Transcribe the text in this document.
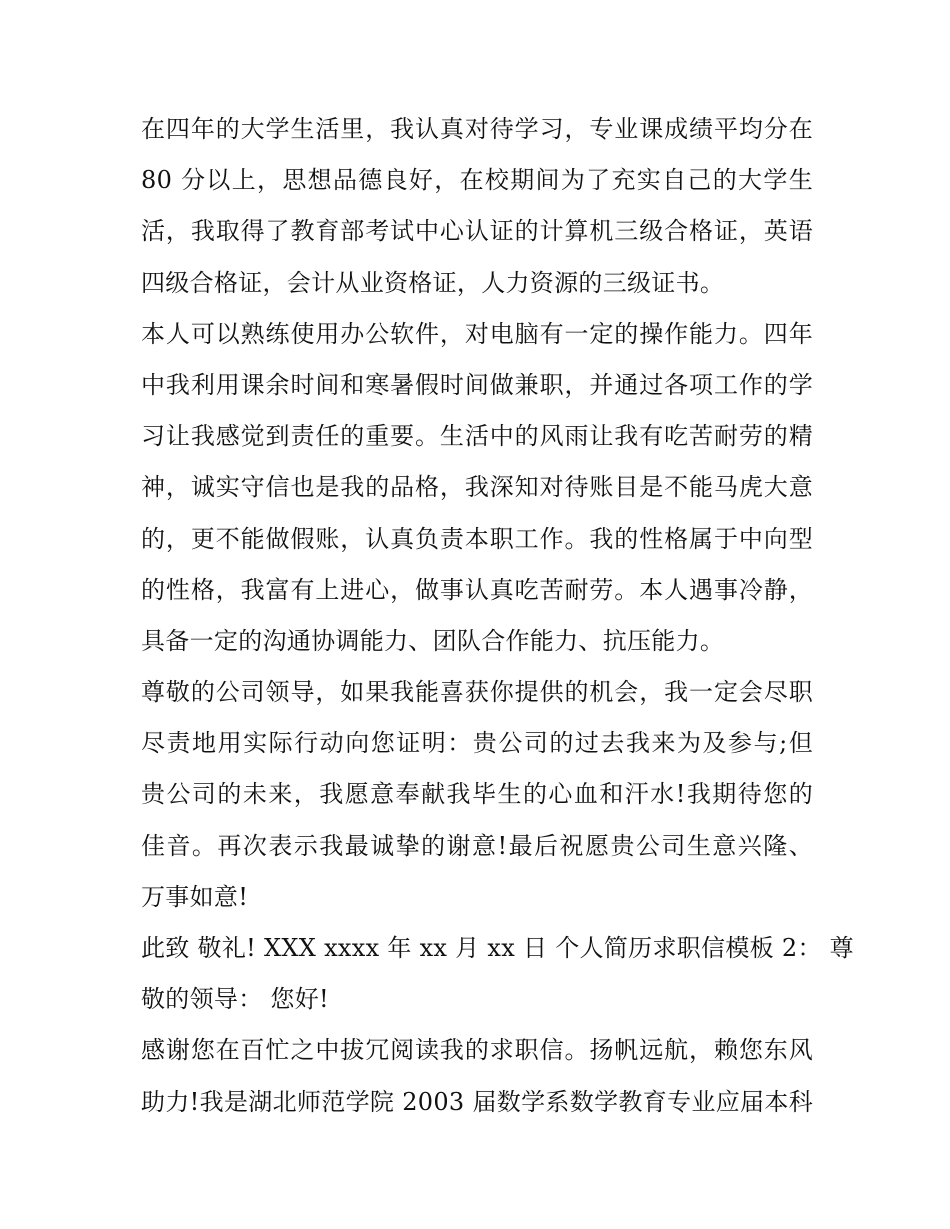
在四年的大学生活里，我认真对待学习，专业课成绩平均分在
80 分以上，思想品德良好，在校期间为了充实自己的大学生
活，我取得了教育部考试中心认证的计算机三级合格证，英语
四级合格证，会计从业资格证，人力资源的三级证书。
本人可以熟练使用办公软件，对电脑有一定的操作能力。四年
中我利用课余时间和寒暑假时间做兼职，并通过各项工作的学
习让我感觉到责任的重要。生活中的风雨让我有吃苦耐劳的精
神，诚实守信也是我的品格，我深知对待账目是不能马虎大意
的，更不能做假账，认真负责本职工作。我的性格属于中向型
的性格，我富有上进心，做事认真吃苦耐劳。本人遇事冷静，
具备一定的沟通协调能力、团队合作能力、抗压能力。
尊敬的公司领导，如果我能喜获你提供的机会，我一定会尽职
尽责地用实际行动向您证明：贵公司的过去我来为及参与;但
贵公司的未来，我愿意奉献我毕生的心血和汗水!我期待您的
佳音。再次表示我最诚挚的谢意!最后祝愿贵公司生意兴隆、
万事如意!
此致 敬礼! XXX xxxx 年 xx 月 xx 日 个人简历求职信模板 2： 尊
敬的领导： 您好!
感谢您在百忙之中拔冗阅读我的求职信。扬帆远航，赖您东风
助力!我是湖北师范学院 2003 届数学系数学教育专业应届本科
